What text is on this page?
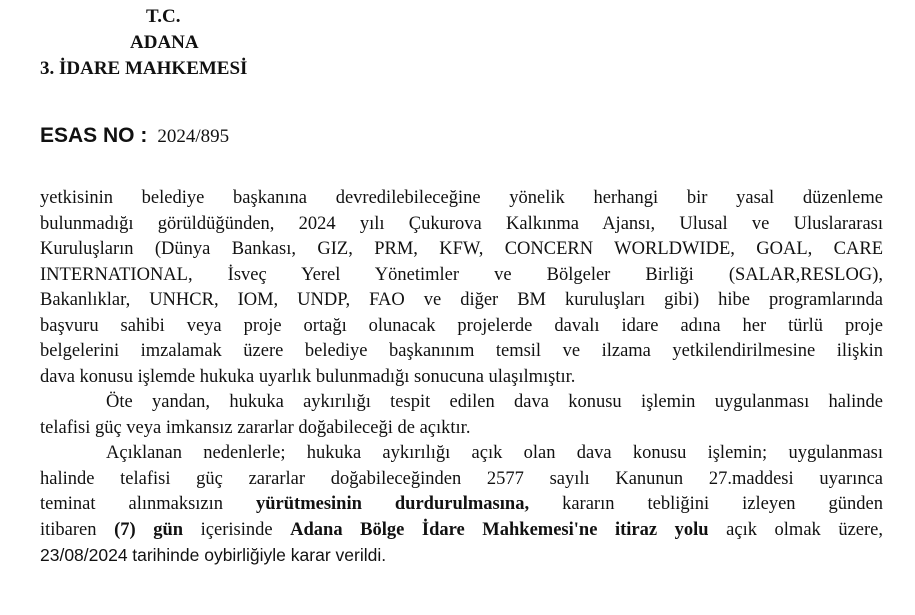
T.C.
ADANA
3. İDARE MAHKEMESİ
ESAS NO : 2024/895
yetkisinin belediye başkanına devredilebileceğine yönelik herhangi bir yasal düzenleme
bulunmadığı görüldüğünden, 2024 yılı Çukurova Kalkınma Ajansı, Ulusal ve Uluslararası
Kuruluşların (Dünya Bankası, GIZ, PRM, KFW, CONCERN WORLDWIDE, GOAL, CARE
INTERNATIONAL, İsveç Yerel Yönetimler ve Bölgeler Birliği (SALAR,RESLOG),
Bakanlıklar, UNHCR, IOM, UNDP, FAO ve diğer BM kuruluşları gibi) hibe programlarında
başvuru sahibi veya proje ortağı olunacak projelerde davalı idare adına her türlü proje
belgelerini imzalamak üzere belediye başkanınım temsil ve ilzama yetkilendirilmesine ilişkin
dava konusu işlemde hukuka uyarlık bulunmadığı sonucuna ulaşılmıştır.
Öte yandan, hukuka aykırılığı tespit edilen dava konusu işlemin uygulanması halinde
telafisi güç veya imkansız zararlar doğabileceği de açıktır.
Açıklanan nedenlerle; hukuka aykırılığı açık olan dava konusu işlemin; uygulanması
halinde telafisi güç zararlar doğabileceğinden 2577 sayılı Kanunun 27.maddesi uyarınca
teminat alınmaksızın yürütmesinin durdurulmasına, kararın tebliğini izleyen günden
itibaren (7) gün içerisinde Adana Bölge İdare Mahkemesi'ne itiraz yolu açık olmak üzere,
23/08/2024 tarihinde oybirliğiyle karar verildi.
